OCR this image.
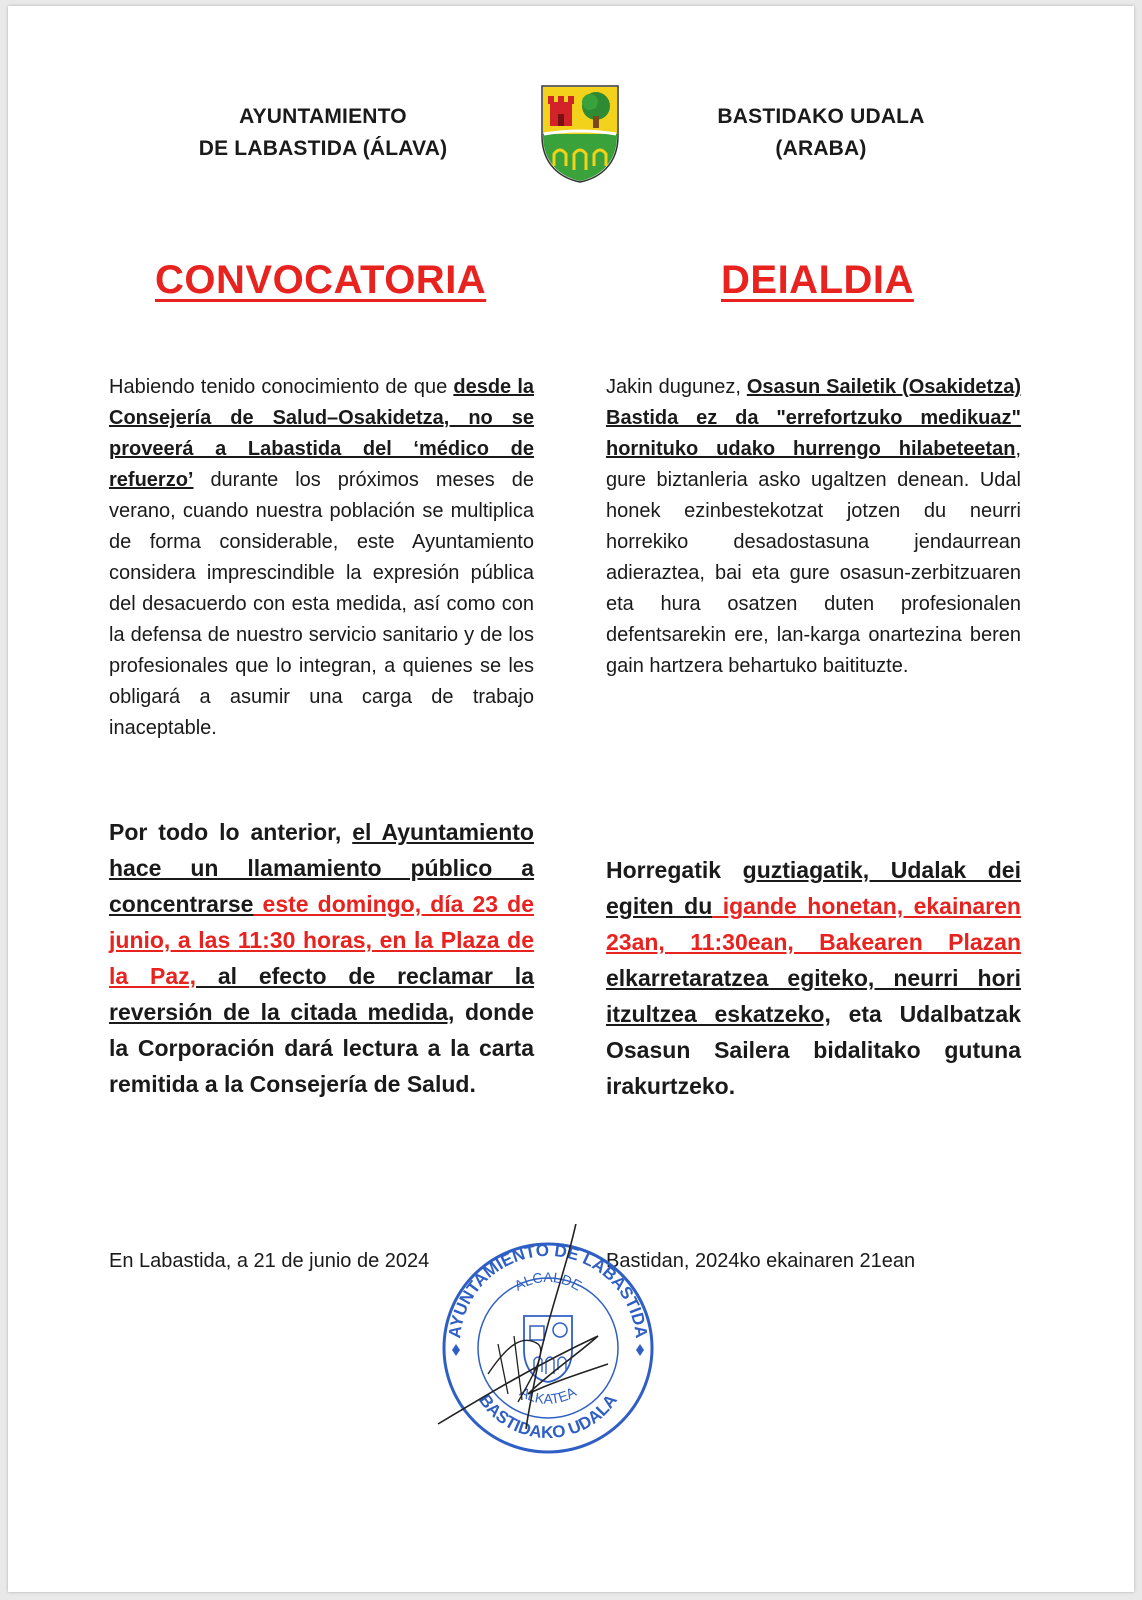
AYUNTAMIENTO
DE LABASTIDA (ÁLAVA)
BASTIDAKO UDALA
(ARABA)
CONVOCATORIA	DEIALDIA
Habiendo tenido conocimiento de que desde la Consejería de Salud–Osakidetza, no se proveerá a Labastida del ‘médico de refuerzo’ durante los próximos meses de verano, cuando nuestra población se multiplica de forma considerable, este Ayuntamiento considera imprescindible la expresión pública del desacuerdo con esta medida, así como con la defensa de nuestro servicio sanitario y de los profesionales que lo integran, a quienes se les obligará a asumir una carga de trabajo inaceptable.
Jakin dugunez, Osasun Sailetik (Osakidetza) Bastida ez da "errefortzuko medikuaz" hornituko udako hurrengo hilabeteetan, gure biztanleria asko ugaltzen denean. Udal honek ezinbestekotzat jotzen du neurri horrekiko desadostasuna jendaurrean adieraztea, bai eta gure osasun-zerbitzuaren eta hura osatzen duten profesionalen defentsarekin ere, lan-karga onartezina beren gain hartzera behartuko baitituzte.
Por todo lo anterior, el Ayuntamiento hace un llamamiento público a concentrarse este domingo, día 23 de junio, a las 11:30 horas, en la Plaza de la Paz, al efecto de reclamar la reversión de la citada medida, donde la Corporación dará lectura a la carta remitida a la Consejería de Salud.
Horregatik guztiagatik, Udalak dei egiten du igande honetan, ekainaren 23an, 11:30ean, Bakearen Plazan elkarretaratzea egiteko, neurri hori itzultzea eskatzeko, eta Udalbatzak Osasun Sailera bidalitako gutuna irakurtzeko.
En Labastida, a 21 de junio de 2024	Bastidan, 2024ko ekainaren 21ean
AYUNTAMIENTO DE LABASTIDA
BASTIDAKO UDALA
ALCALDE
ALKATEA
